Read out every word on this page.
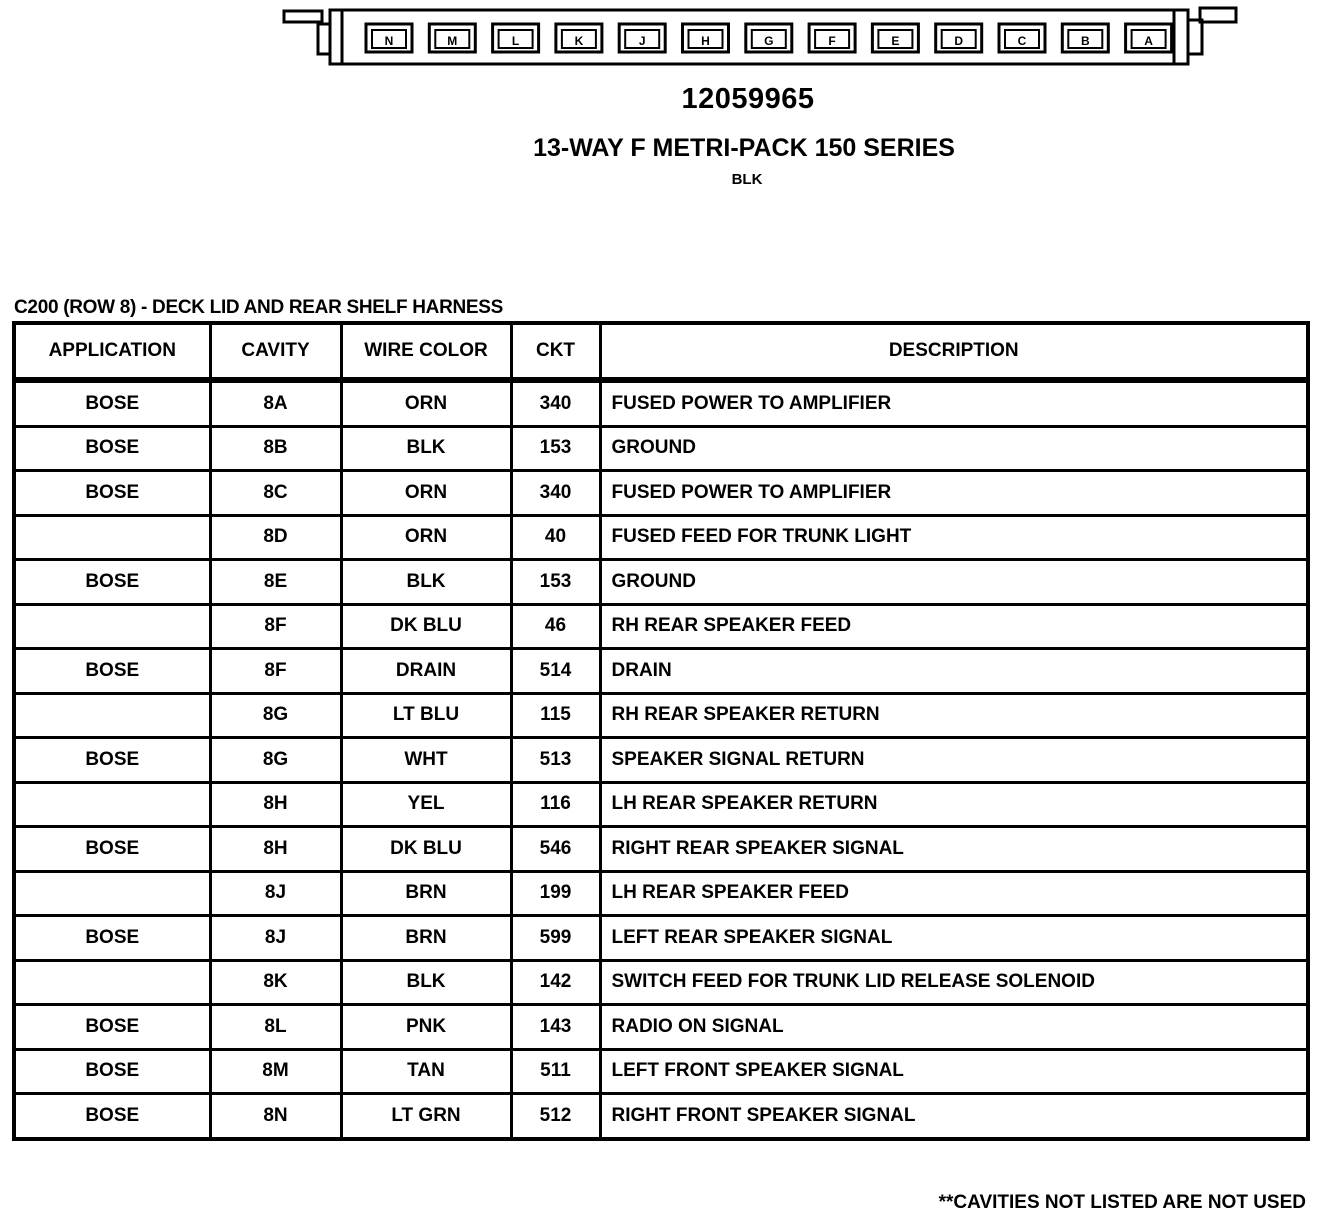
N	M	L	K	J	H	G	F	E	D	C	B	A
12059965
13-WAY F METRI-PACK 150 SERIES
BLK
C200 (ROW 8) - DECK LID AND REAR SHELF HARNESS
APPLICATION	CAVITY	WIRE COLOR	CKT	DESCRIPTION
BOSE	8A	ORN	340	FUSED POWER TO AMPLIFIER
BOSE	8B	BLK	153	GROUND
BOSE	8C	ORN	340	FUSED POWER TO AMPLIFIER
	8D	ORN	40	FUSED FEED FOR TRUNK LIGHT
BOSE	8E	BLK	153	GROUND
	8F	DK BLU	46	RH REAR SPEAKER FEED
BOSE	8F	DRAIN	514	DRAIN
	8G	LT BLU	115	RH REAR SPEAKER RETURN
BOSE	8G	WHT	513	SPEAKER SIGNAL RETURN
	8H	YEL	116	LH REAR SPEAKER RETURN
BOSE	8H	DK BLU	546	RIGHT REAR SPEAKER SIGNAL
	8J	BRN	199	LH REAR SPEAKER FEED
BOSE	8J	BRN	599	LEFT REAR SPEAKER SIGNAL
	8K	BLK	142	SWITCH FEED FOR TRUNK LID RELEASE SOLENOID
BOSE	8L	PNK	143	RADIO ON SIGNAL
BOSE	8M	TAN	511	LEFT FRONT SPEAKER SIGNAL
BOSE	8N	LT GRN	512	RIGHT FRONT SPEAKER SIGNAL
**CAVITIES NOT LISTED ARE NOT USED
